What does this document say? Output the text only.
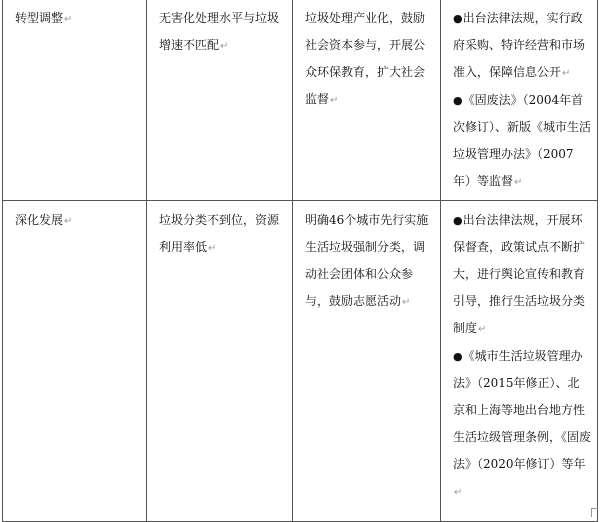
转型调整↵	无害化处理水平与垃圾增速不匹配↵	垃圾处理产业化，鼓励社会资本参与，开展公众环保教育，扩大社会监督↵	●出台法律法规，实行政府采购、特许经营和市场准入，保障信息公开↵
●《固废法》（2004年首次修订）、新版《城市生活垃圾管理办法》（2007年）等监督↵

深化发展↵	垃圾分类不到位，资源利用率低↵	明确46个城市先行实施生活垃圾强制分类，调动社会团体和公众参与，鼓励志愿活动↵	●出台法律法规，开展环保督查，政策试点不断扩大，进行舆论宣传和教育引导，推行生活垃圾分类制度↵
●《城市生活垃圾管理办法》（2015年修正）、北京和上海等地出台地方性生活垃级管理条例，《固废法》（2020年修订）等年↵
